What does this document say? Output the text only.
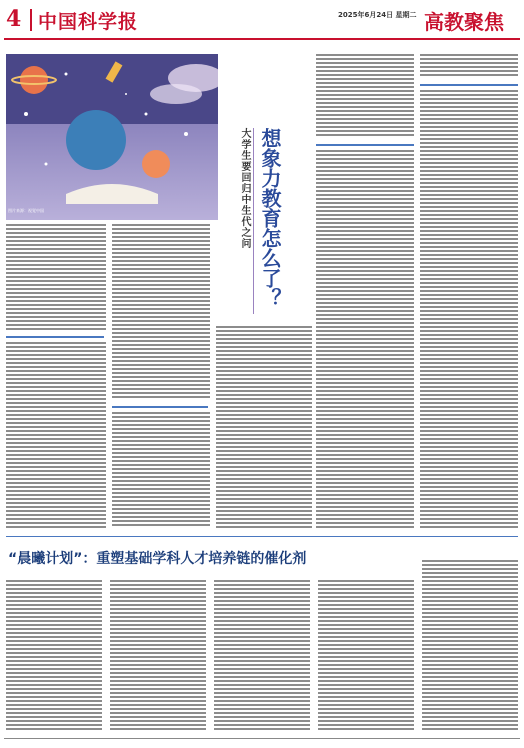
4 中国科学报	2025年6月24日 星期二 高教聚焦
图片来源：视觉中国	想象力教育怎么了？
大学生要回归中生代之问
“晨曦计划”：重塑基础学科人才培养链的催化剂
